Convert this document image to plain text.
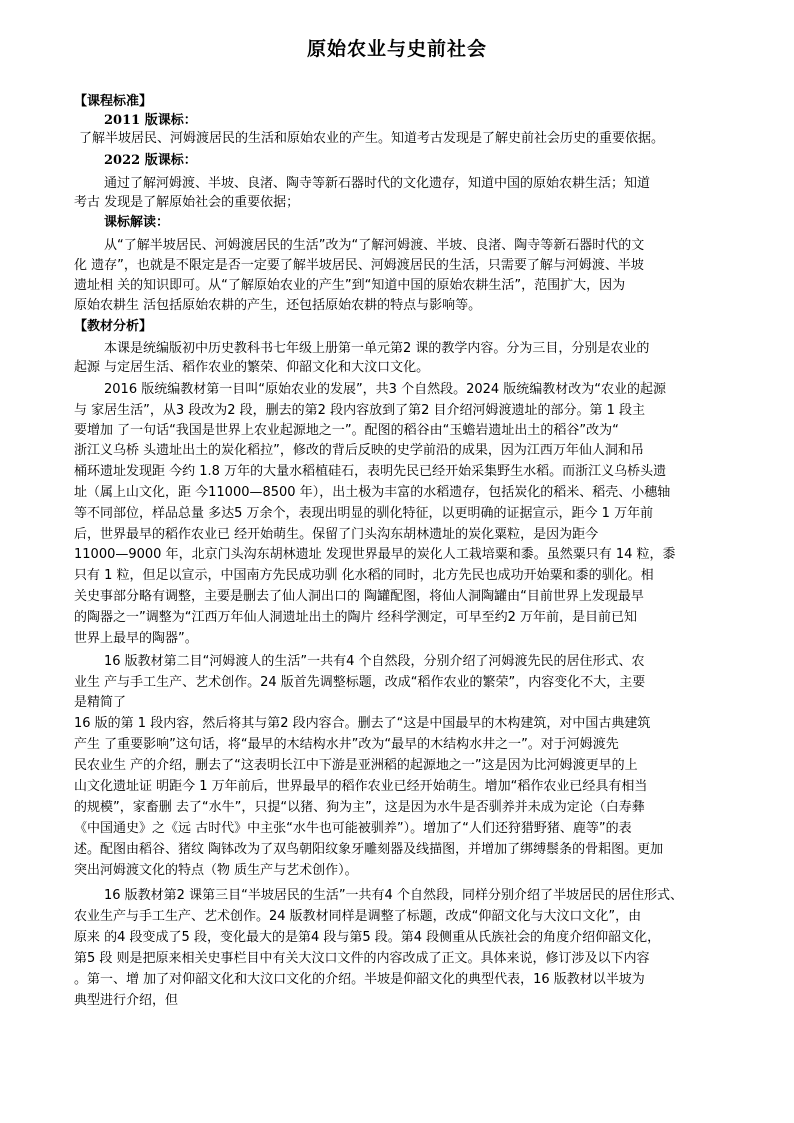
原始农业与史前社会
【课程标准】
2011 版课标：
了解半坡居民、河姆渡居民的生活和原始农业的产生。知道考古发现是了解史前社会历史的重要依据。
2022 版课标：
通过了解河姆渡、半坡、良渚、陶寺等新石器时代的文化遗存，知道中国的原始农耕生活；知道
考古 发现是了解原始社会的重要依据；
课标解读：
从“了解半坡居民、河姆渡居民的生活”改为“了解河姆渡、半坡、良渚、陶寺等新石器时代的文
化 遗存”，也就是不限定是否一定要了解半坡居民、河姆渡居民的生活，只需要了解与河姆渡、半坡
遗址相 关的知识即可。从“了解原始农业的产生”到“知道中国的原始农耕生活”，范围扩大，因为
原始农耕生 活包括原始农耕的产生，还包括原始农耕的特点与影响等。
【教材分析】
本课是统编版初中历史教科书七年级上册第一单元第2 课的教学内容。分为三目，分别是农业的
起源 与定居生活、稻作农业的繁荣、仰韶文化和大汶口文化。
2016 版统编教材第一目叫“原始农业的发展”，共3 个自然段。2024 版统编教材改为“农业的起源
与 家居生活”，从3 段改为2 段，删去的第2 段内容放到了第2 目介绍河姆渡遗址的部分。第 1 段主
要增加 了一句话“我国是世界上农业起源地之一”。配图的稻谷由“玉蟾岩遗址出土的稻谷”改为“
浙江义乌桥 头遗址出土的炭化稻拉”，修改的背后反映的史学前沿的成果，因为江西万年仙人洞和吊
桶环遗址发现距 今约 1.8 万年的大量水稻植硅石，表明先民已经开始采集野生水稻。而浙江义乌桥头遗
址（属上山文化，距 今11000—8500 年），出土极为丰富的水稻遗存，包括炭化的稻米、稻壳、小穗轴
等不同部位，样品总量 多达5 万余个，表现出明显的驯化特征，以更明确的证据宣示，距今 1 万年前
后，世界最早的稻作农业已 经开始萌生。保留了门头沟东胡林遗址的炭化粟粒，是因为距今
11000—9000 年，北京门头沟东胡林遗址 发现世界最早的炭化人工栽培粟和黍。虽然粟只有 14 粒，黍
只有 1 粒，但足以宣示，中国南方先民成功驯 化水稻的同时，北方先民也成功开始粟和黍的驯化。相
关史事部分略有调整，主要是删去了仙人洞出口的 陶罐配图，将仙人洞陶罐由“目前世界上发现最早
的陶器之一”调整为“江西万年仙人洞遗址出土的陶片 经科学测定，可早至约2 万年前，是目前已知
世界上最早的陶器”。
16 版教材第二目“河姆渡人的生活”一共有4 个自然段，分别介绍了河姆渡先民的居住形式、农
业生 产与手工生产、艺术创作。24 版首先调整标题，改成“稻作农业的繁荣”，内容变化不大，主要
是精简了
16 版的第 1 段内容，然后将其与第2 段内容合。删去了“这是中国最早的木构建筑，对中国古典建筑
产生 了重要影响”这句话，将“最早的木结构水井”改为“最早的木结构水井之一”。对于河姆渡先
民农业生 产的介绍，删去了“这表明长江中下游是亚洲稻的起源地之一”这是因为比河姆渡更早的上
山文化遗址证 明距今 1 万年前后，世界最早的稻作农业已经开始萌生。增加“稻作农业已经具有相当
的规模”，家畜删 去了“水牛”，只提“以猪、狗为主”，这是因为水牛是否驯养并未成为定论（白寿彝
《中国通史》之《远 古时代》中主张“水牛也可能被驯养”）。增加了“人们还狩猎野猪、鹿等”的表
述。配图由稻谷、猪纹 陶钵改为了双鸟朝阳纹象牙雕刻器及线描图，并增加了绑缚鬃条的骨耜图。更加
突出河姆渡文化的特点（物 质生产与艺术创作）。
16 版教材第2 课第三目“半坡居民的生活”一共有4 个自然段，同样分别介绍了半坡居民的居住形式、
农业生产与手工生产、艺术创作。24 版教材同样是调整了标题，改成“仰韶文化与大汶口文化”，由
原来 的4 段变成了5 段，变化最大的是第4 段与第5 段。第4 段侧重从氏族社会的角度介绍仰韶文化，
第5 段 则是把原来相关史事栏目中有关大汶口文件的内容改成了正文。具体来说，修订涉及以下内容
。第一、增 加了对仰韶文化和大汶口文化的介绍。半坡是仰韶文化的典型代表，16 版教材以半坡为
典型进行介绍，但
